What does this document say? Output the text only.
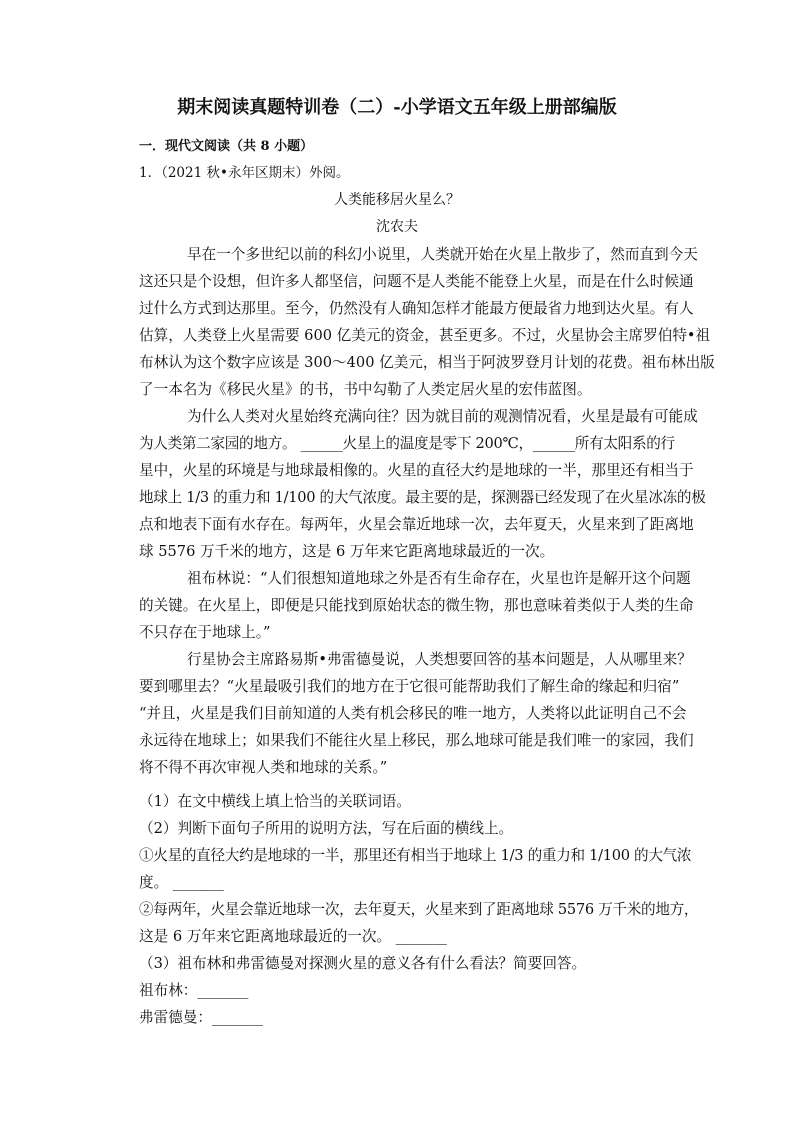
期末阅读真题特训卷（二）-小学语文五年级上册部编版
一．现代文阅读（共 8 小题）
1．（2021 秋•永年区期末）外阅。
人类能移居火星么？
沈农夫
早在一个多世纪以前的科幻小说里，人类就开始在火星上散步了，然而直到今天
这还只是个设想，但许多人都坚信，问题不是人类能不能登上火星，而是在什么时候通
过什么方式到达那里。至今，仍然没有人确知怎样才能最方便最省力地到达火星。有人
估算，人类登上火星需要 600 亿美元的资金，甚至更多。不过，火星协会主席罗伯特•祖
布林认为这个数字应该是 300～400 亿美元，相当于阿波罗登月计划的花费。祖布林出版
了一本名为《移民火星》的书，书中勾勒了人类定居火星的宏伟蓝图。
为什么人类对火星始终充满向往？因为就目前的观测情况看，火星是最有可能成
为人类第二家园的地方。 ______火星上的温度是零下 200℃，______所有太阳系的行
星中，火星的环境是与地球最相像的。火星的直径大约是地球的一半，那里还有相当于
地球上 1/3 的重力和 1/100 的大气浓度。最主要的是，探测器已经发现了在火星冰冻的极
点和地表下面有水存在。每两年，火星会靠近地球一次，去年夏天，火星来到了距离地
球 5576 万千米的地方，这是 6 万年来它距离地球最近的一次。
祖布林说：“人们很想知道地球之外是否有生命存在，火星也许是解开这个问题
的关键。在火星上，即便是只能找到原始状态的微生物，那也意味着类似于人类的生命
不只存在于地球上。”
行星协会主席路易斯•弗雷德曼说，人类想要回答的基本问题是，人从哪里来？
要到哪里去？“火星最吸引我们的地方在于它很可能帮助我们了解生命的缘起和归宿”
“并且，火星是我们目前知道的人类有机会移民的唯一地方，人类将以此证明自己不会
永远待在地球上；如果我们不能往火星上移民，那么地球可能是我们唯一的家园，我们
将不得不再次审视人类和地球的关系。”
（1）在文中横线上填上恰当的关联词语。
（2）判断下面句子所用的说明方法，写在后面的横线上。
①火星的直径大约是地球的一半，那里还有相当于地球上 1/3 的重力和 1/100 的大气浓
度。 _______
②每两年，火星会靠近地球一次，去年夏天，火星来到了距离地球 5576 万千米的地方，
这是 6 万年来它距离地球最近的一次。 _______
（3）祖布林和弗雷德曼对探测火星的意义各有什么看法？简要回答。
祖布林：_______
弗雷德曼：_______
